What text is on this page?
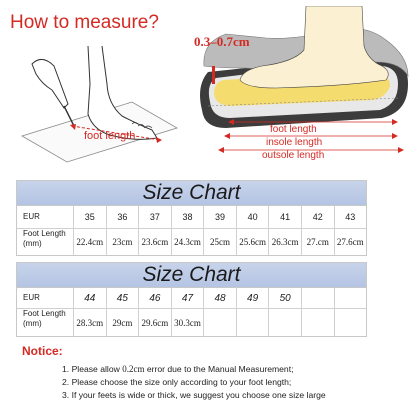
How to measure?
foot length
0.3–0.7cm
foot length
insole length
outsole length
Size Chart
EUR	35	36	37	38	39	40	41	42	43
Foot Length
(mm)	22.4cm	23cm	23.6cm 24.3cm	25cm	25.6cm 26.3cm 27.cm 27.6cm
Size Chart
EUR	44	45	46	47	48	49	50
Foot Length
(mm)	28.3cm	29cm	29.6cm 30.3cm
Notice:
1. Please allow 0.2cm error due to the Manual Measurement;
2. Please choose the size only according to your foot length;
3. If your feets is wide or thick, we suggest you choose one size large
